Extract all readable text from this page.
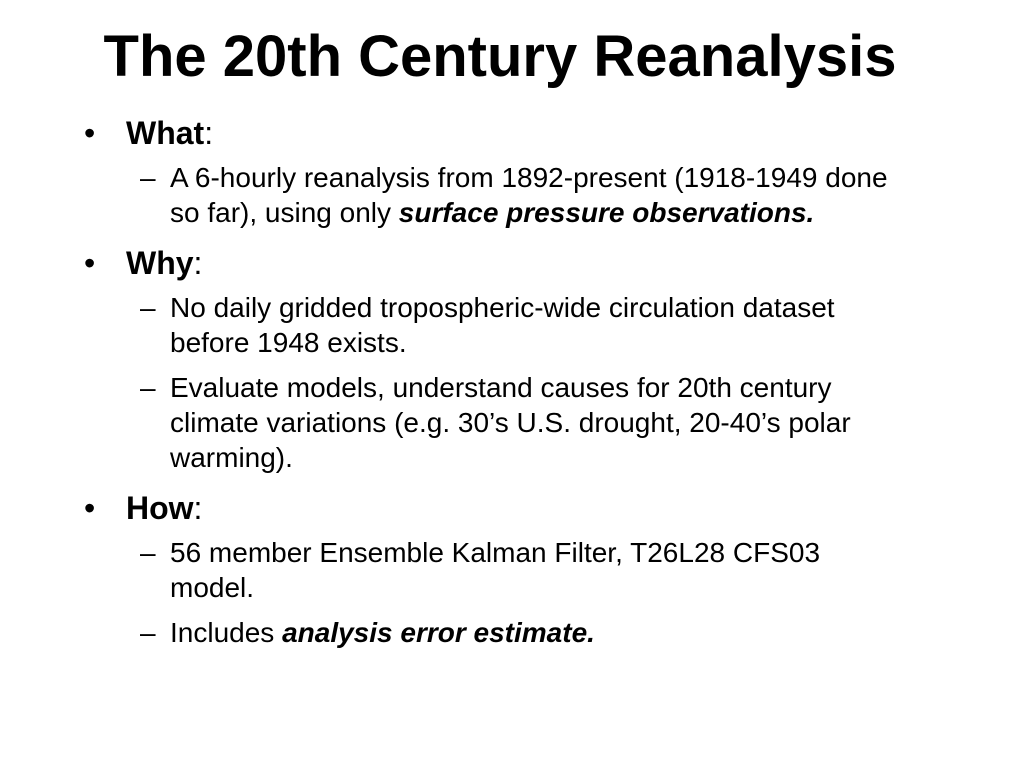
The 20th Century Reanalysis
• What:
– A 6-hourly reanalysis from 1892-present (1918-1949 done so far), using only surface pressure observations.
• Why:
– No daily gridded tropospheric-wide circulation dataset before 1948 exists.
– Evaluate models, understand causes for 20th century climate variations (e.g. 30’s U.S. drought, 20-40’s polar warming).
• How:
– 56 member Ensemble Kalman Filter, T26L28 CFS03 model.
– Includes analysis error estimate.
